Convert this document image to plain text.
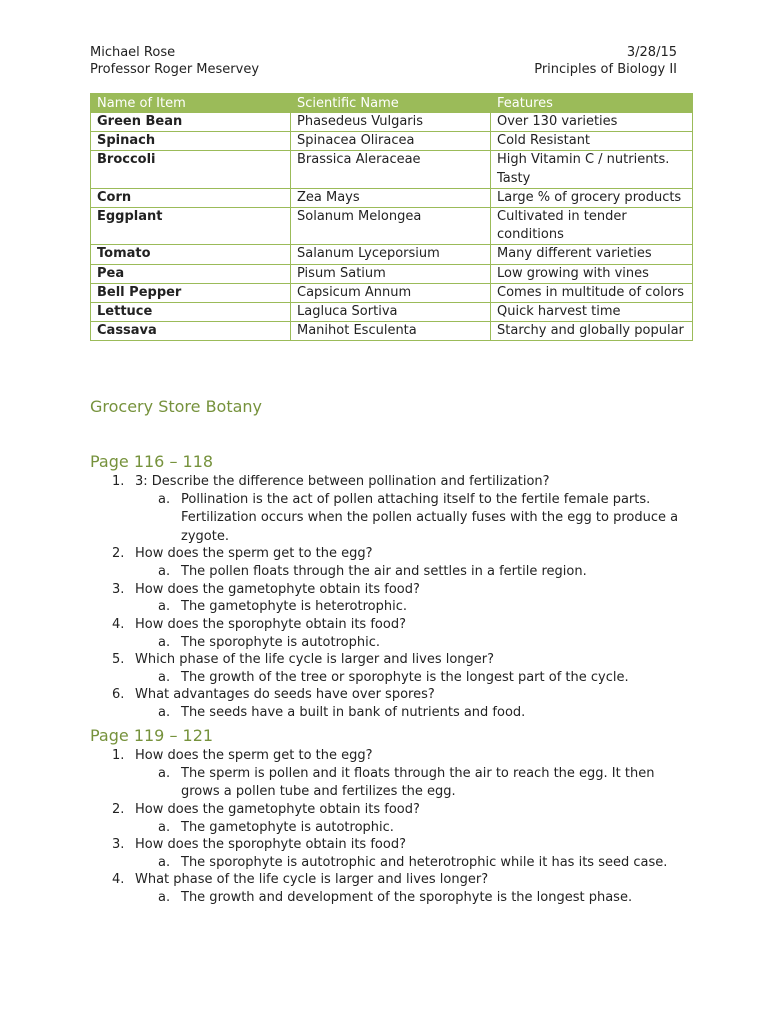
Michael Rose
Professor Roger Meservey
3/28/15
Principles of Biology II
Name of Item	Scientific Name	Features
Green Bean	Phasedeus Vulgaris	Over 130 varieties
Spinach	Spinacea Oliracea	Cold Resistant
Broccoli	Brassica Aleraceae	High Vitamin C / nutrients. Tasty
Corn	Zea Mays	Large % of grocery products
Eggplant	Solanum Melongea	Cultivated in tender conditions
Tomato	Salanum Lyceporsium	Many different varieties
Pea	Pisum Satium	Low growing with vines
Bell Pepper	Capsicum Annum	Comes in multitude of colors
Lettuce	Lagluca Sortiva	Quick harvest time
Cassava	Manihot Esculenta	Starchy and globally popular
Grocery Store Botany
Page 116 – 118
1. 3: Describe the difference between pollination and fertilization?
a. Pollination is the act of pollen attaching itself to the fertile female parts. Fertilization occurs when the pollen actually fuses with the egg to produce a zygote.
2. How does the sperm get to the egg?
a. The pollen floats through the air and settles in a fertile region.
3. How does the gametophyte obtain its food?
a. The gametophyte is heterotrophic.
4. How does the sporophyte obtain its food?
a. The sporophyte is autotrophic.
5. Which phase of the life cycle is larger and lives longer?
a. The growth of the tree or sporophyte is the longest part of the cycle.
6. What advantages do seeds have over spores?
a. The seeds have a built in bank of nutrients and food.
Page 119 – 121
1. How does the sperm get to the egg?
a. The sperm is pollen and it floats through the air to reach the egg. It then grows a pollen tube and fertilizes the egg.
2. How does the gametophyte obtain its food?
a. The gametophyte is autotrophic.
3. How does the sporophyte obtain its food?
a. The sporophyte is autotrophic and heterotrophic while it has its seed case.
4. What phase of the life cycle is larger and lives longer?
a. The growth and development of the sporophyte is the longest phase.
